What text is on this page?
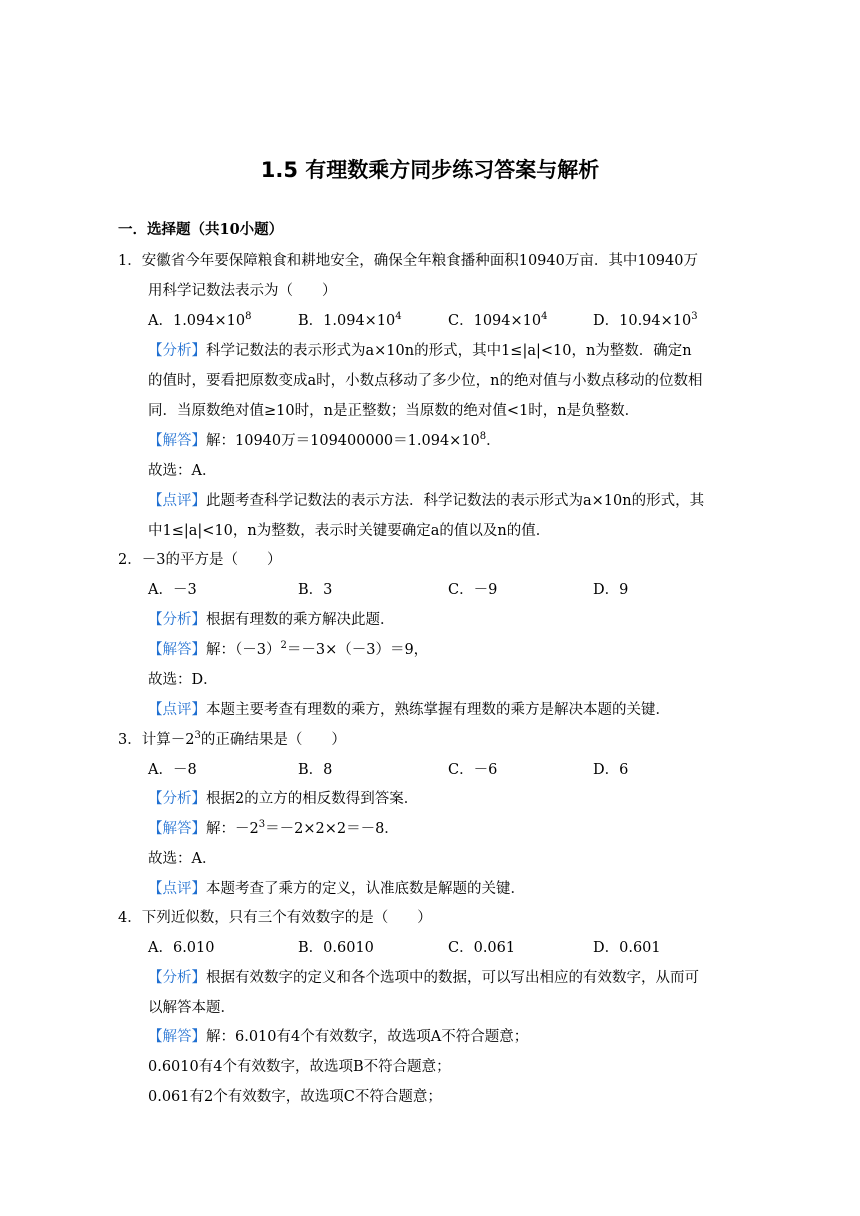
1.5 有理数乘方同步练习答案与解析
一．选择题（共10小题）
1．安徽省今年要保障粮食和耕地安全，确保全年粮食播种面积10940万亩．其中10940万
用科学记数法表示为（　　）
A．$1.094\times 10^8$	B．$1.094\times 10^4$	C．$1094\times 10^4$	D．$10.94\times 10^3$
【分析】科学记数法的表示形式为a×10n的形式，其中1≤|a|<10，n为整数．确定n
的值时，要看把原数变成a时，小数点移动了多少位，n的绝对值与小数点移动的位数相
同．当原数绝对值≥10时，n是正整数；当原数的绝对值<1时，n是负整数．
【解答】解：10940万$=109400000=1.094\times 10^8$．
故选：A．
【点评】此题考查科学记数法的表示方法．科学记数法的表示形式为a×10n的形式，其
中1≤|a|<10，n为整数，表示时关键要确定a的值以及n的值．
2．－3的平方是（　　）
A．－3	B．3	C．－9	D．9
【分析】根据有理数的乘方解决此题．
【解答】解：$(-3)^2=-3\times(-3)=9$，
故选：D．
【点评】本题主要考查有理数的乘方，熟练掌握有理数的乘方是解决本题的关键．
3．计算$-2^3$的正确结果是（　　）
A．－8	B．8	C．－6	D．6
【分析】根据2的立方的相反数得到答案．
【解答】解：$-2^3=-2\times 2\times 2=-8$．
故选：A．
【点评】本题考查了乘方的定义，认准底数是解题的关键．
4．下列近似数，只有三个有效数字的是（　　）
A．6.010	B．0.6010	C．0.061	D．0.601
【分析】根据有效数字的定义和各个选项中的数据，可以写出相应的有效数字，从而可
以解答本题．
【解答】解：6.010有4个有效数字，故选项A不符合题意；
0.6010有4个有效数字，故选项B不符合题意；
0.061有2个有效数字，故选项C不符合题意；
